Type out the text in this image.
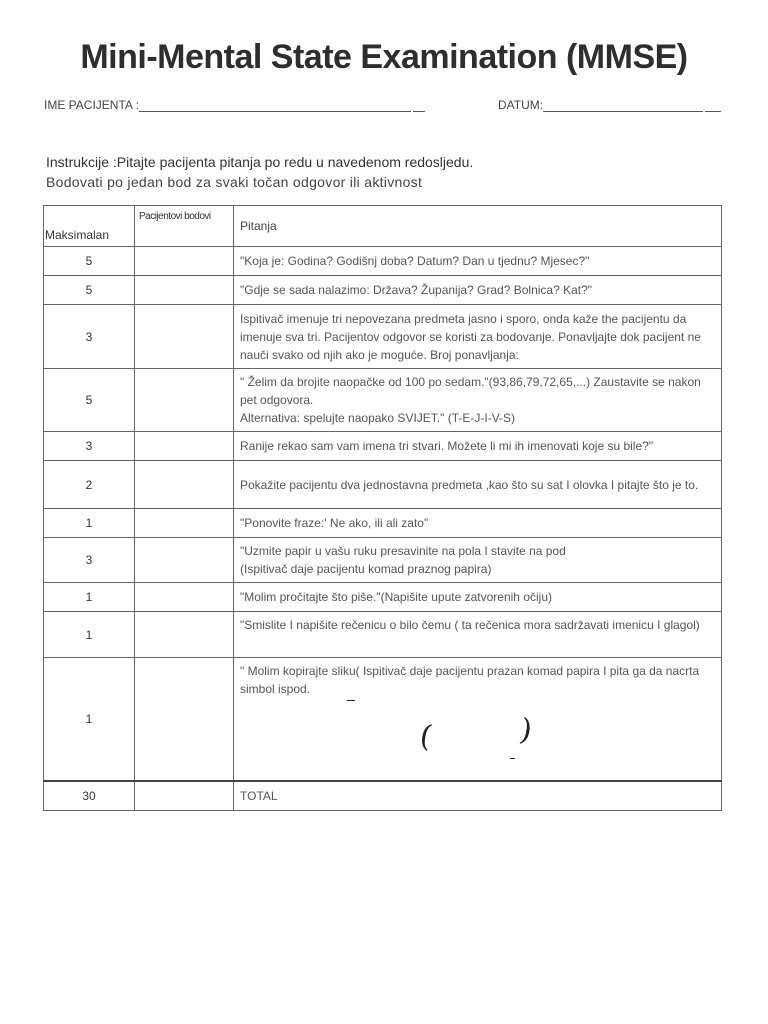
Mini-Mental State Examination (MMSE)
IME PACIJENTA :	DATUM:
Instrukcije :Pitajte pacijenta pitanja po redu u navedenom redosljedu.
Bodovati po jedan bod za svaki točan odgovor ili aktivnost
Maksimalan	Pacijentovi bodovi	Pitanja
5		"Koja je: Godina? Godišnj doba? Datum? Dan u tjednu? Mjesec?"
5		"Gdje se sada nalazimo: Država? Županija? Grad? Bolnica? Kat?"
3		Ispitivač imenuje tri nepovezana predmeta jasno i sporo, onda kaže the pacijentu da imenuje sva tri. Pacijentov odgovor se koristi za bodovanje. Ponavljajte dok pacijent ne nauči svako od njih ako je moguće. Broj ponavljanja:
5		" Želim da brojite naopačke od 100 po sedam."(93,86,79,72,65,...) Zaustavite se nakon pet odgovora.
Alternativa: spelujte naopako SVIJET." (T-E-J-I-V-S)

3		Ranije rekao sam vam imena tri stvari. Možete li mi ih imenovati koje su bile?"
2		Pokažite pacijentu dva jednostavna predmeta ,kao što su sat I olovka I pitajte što je to.
1		"Ponovite fraze:' Ne ako, ili ali zato"
3		"Uzmite papir u vašu ruku presavinite na pola I stavite na pod
(Ispitivač daje pacijentu komad praznog papira)

1		"Molim pročitajte što piše."(Napišite upute zatvorenih očiju)
1		"Smislite I napišite rečenicu o bilo čemu ( ta rečenica mora sadržavati imenicu I glagol)
1		" Molim kopirajte sliku( Ispitivač daje pacijentu prazan komad papira I pita ga da nacrta simbol ispod.
( )

30		TOTAL
